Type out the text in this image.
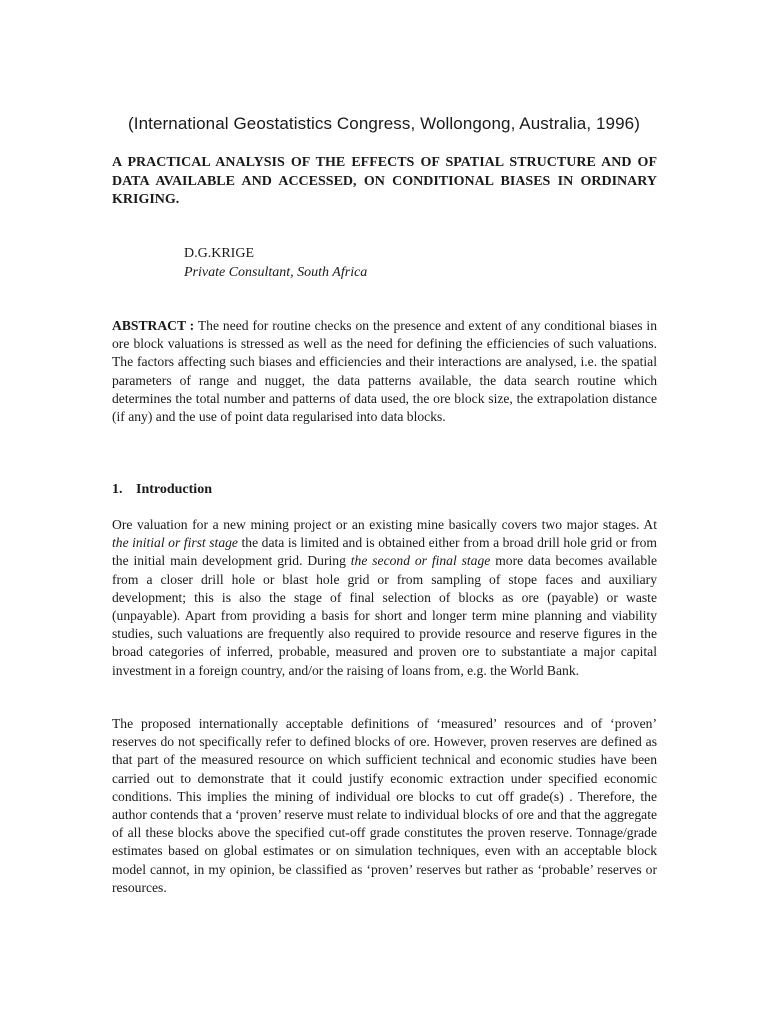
(International Geostatistics Congress, Wollongong, Australia, 1996)
A PRACTICAL ANALYSIS OF THE EFFECTS OF SPATIAL STRUCTURE AND OF DATA AVAILABLE AND ACCESSED, ON CONDITIONAL BIASES IN ORDINARY KRIGING.
D.G.KRIGE
Private Consultant, South Africa

ABSTRACT : The need for routine checks on the presence and extent of any conditional biases in ore block valuations is stressed as well as the need for defining the efficiencies of such valuations. The factors affecting such biases and efficiencies and their interactions are analysed, i.e. the spatial parameters of range and nugget, the data patterns available, the data search routine which determines the total number and patterns of data used, the ore block size, the extrapolation distance (if any) and the use of point data regularised into data blocks.

1. Introduction

Ore valuation for a new mining project or an existing mine basically covers two major stages. At the initial or first stage the data is limited and is obtained either from a broad drill hole grid or from the initial main development grid. During the second or final stage more data becomes available from a closer drill hole or blast hole grid or from sampling of stope faces and auxiliary development; this is also the stage of final selection of blocks as ore (payable) or waste (unpayable). Apart from providing a basis for short and longer term mine planning and viability studies, such valuations are frequently also required to provide resource and reserve figures in the broad categories of inferred, probable, measured and proven ore to substantiate a major capital investment in a foreign country, and/or the raising of loans from, e.g. the World Bank.

The proposed internationally acceptable definitions of ‘measured’ resources and of ‘proven’ reserves do not specifically refer to defined blocks of ore. However, proven reserves are defined as that part of the measured resource on which sufficient technical and economic studies have been carried out to demonstrate that it could justify economic extraction under specified economic conditions. This implies the mining of individual ore blocks to cut off grade(s) . Therefore, the author contends that a ‘proven’ reserve must relate to individual blocks of ore and that the aggregate of all these blocks above the specified cut-off grade constitutes the proven reserve. Tonnage/grade estimates based on global estimates or on simulation techniques, even with an acceptable block model cannot, in my opinion, be classified as ‘proven’ reserves but rather as ‘probable’ reserves or resources.
